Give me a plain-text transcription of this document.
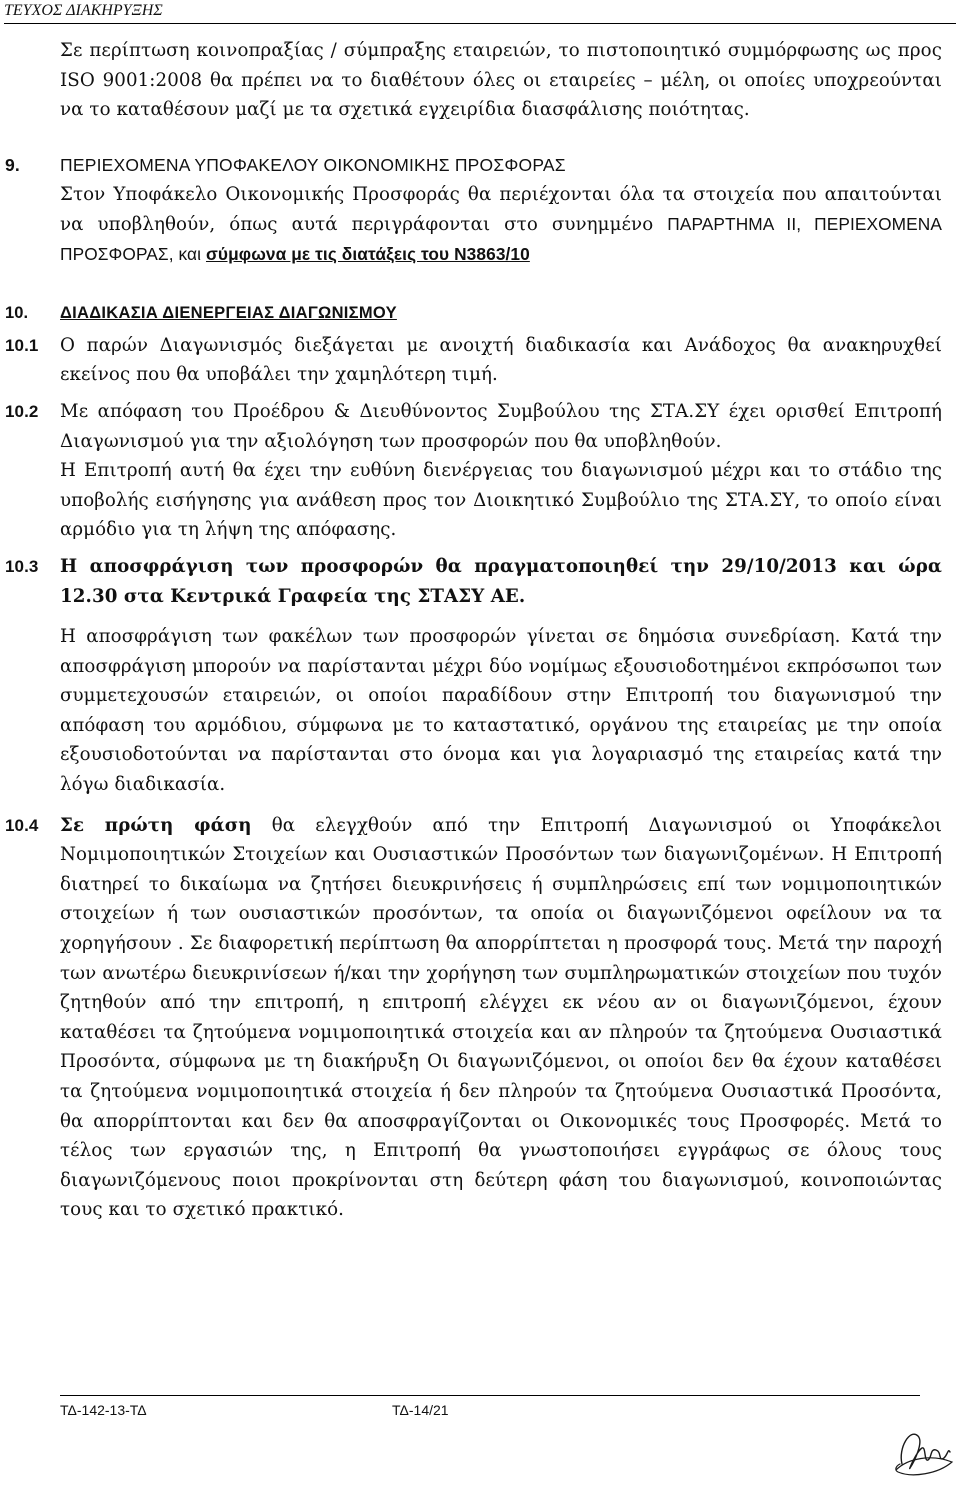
ΤΕΥΧΟΣ ΔΙΑΚΗΡΥΞΗΣ

Σε περίπτωση κοινοπραξίας / σύμπραξης εταιρειών, το πιστοποιητικό συμμόρφωσης ως προς ISO 9001:2008 θα πρέπει να το διαθέτουν όλες οι εταιρείες – μέλη, οι οποίες υποχρεούνται να το καταθέσουν μαζί με τα σχετικά εγχειρίδια διασφάλισης ποιότητας.

9. ΠΕΡΙΕΧΟΜΕΝΑ ΥΠΟΦΑΚΕΛΟΥ ΟΙΚΟΝΟΜΙΚΗΣ ΠΡΟΣΦΟΡΑΣ

Στον Υποφάκελο Οικονομικής Προσφοράς θα περιέχονται όλα τα στοιχεία που απαιτούνται να υποβληθούν, όπως αυτά περιγράφονται στο συνημμένο ΠΑΡΑΡΤΗΜΑ ΙΙ, ΠΕΡΙΕΧΟΜΕΝΑ ΠΡΟΣΦΟΡΑΣ, και σύμφωνα με τις διατάξεις του Ν3863/10

10. ΔΙΑΔΙΚΑΣΙΑ ΔΙΕΝΕΡΓΕΙΑΣ ΔΙΑΓΩΝΙΣΜΟΥ
10.1 Ο παρών Διαγωνισμός διεξάγεται με ανοιχτή διαδικασία και Ανάδοχος θα ανακηρυχθεί εκείνος που θα υποβάλει την χαμηλότερη τιμή.

10.2 Με απόφαση του Προέδρου & Διευθύνοντος Συμβούλου της ΣΤΑ.ΣΥ έχει ορισθεί Επιτροπή Διαγωνισμού για την αξιολόγηση των προσφορών που θα υποβληθούν.

Η Επιτροπή αυτή θα έχει την ευθύνη διενέργειας του διαγωνισμού μέχρι και το στάδιο της υποβολής εισήγησης για ανάθεση προς τον Διοικητικό Συμβούλιο της ΣΤΑ.ΣΥ, το οποίο είναι αρμόδιο για τη λήψη της απόφασης.

10.3 Η αποσφράγιση των προσφορών θα πραγματοποιηθεί την 29/10/2013 και ώρα 12.30 στα Κεντρικά Γραφεία της ΣΤΑΣΥ ΑΕ.

Η αποσφράγιση των φακέλων των προσφορών γίνεται σε δημόσια συνεδρίαση. Κατά την αποσφράγιση μπορούν να παρίστανται μέχρι δύο νομίμως εξουσιοδοτημένοι εκπρόσωποι των συμμετεχουσών εταιρειών, οι οποίοι παραδίδουν στην Επιτροπή του διαγωνισμού την απόφαση του αρμόδιου, σύμφωνα με το καταστατικό, οργάνου της εταιρείας με την οποία εξουσιοδοτούνται να παρίστανται στο όνομα και για λογαριασμό της εταιρείας κατά την λόγω διαδικασία.

10.4 Σε πρώτη φάση θα ελεγχθούν από την Επιτροπή Διαγωνισμού οι Υποφάκελοι Νομιμοποιητικών Στοιχείων και Ουσιαστικών Προσόντων των διαγωνιζομένων. Η Επιτροπή διατηρεί το δικαίωμα να ζητήσει διευκρινήσεις ή συμπληρώσεις επί των νομιμοποιητικών στοιχείων ή των ουσιαστικών προσόντων, τα οποία οι διαγωνιζόμενοι οφείλουν να τα χορηγήσουν . Σε διαφορετική περίπτωση θα απορρίπτεται η προσφορά τους. Μετά την παροχή των ανωτέρω διευκρινίσεων ή/και την χορήγηση των συμπληρωματικών στοιχείων που τυχόν ζητηθούν από την επιτροπή, η επιτροπή ελέγχει εκ νέου αν οι διαγωνιζόμενοι, έχουν καταθέσει τα ζητούμενα νομιμοποιητικά στοιχεία και αν πληρούν τα ζητούμενα Ουσιαστικά Προσόντα, σύμφωνα με τη διακήρυξη Οι διαγωνιζόμενοι, οι οποίοι δεν θα έχουν καταθέσει τα ζητούμενα νομιμοποιητικά στοιχεία ή δεν πληρούν τα ζητούμενα Ουσιαστικά Προσόντα, θα απορρίπτονται και δεν θα αποσφραγίζονται οι Οικονομικές τους Προσφορές. Μετά το τέλος των εργασιών της, η Επιτροπή θα γνωστοποιήσει εγγράφως σε όλους τους διαγωνιζόμενους ποιοι προκρίνονται στη δεύτερη φάση του διαγωνισμού, κοινοποιώντας τους και το σχετικό πρακτικό.

ΤΔ-142-13-ΤΔ	ΤΔ-14/21
